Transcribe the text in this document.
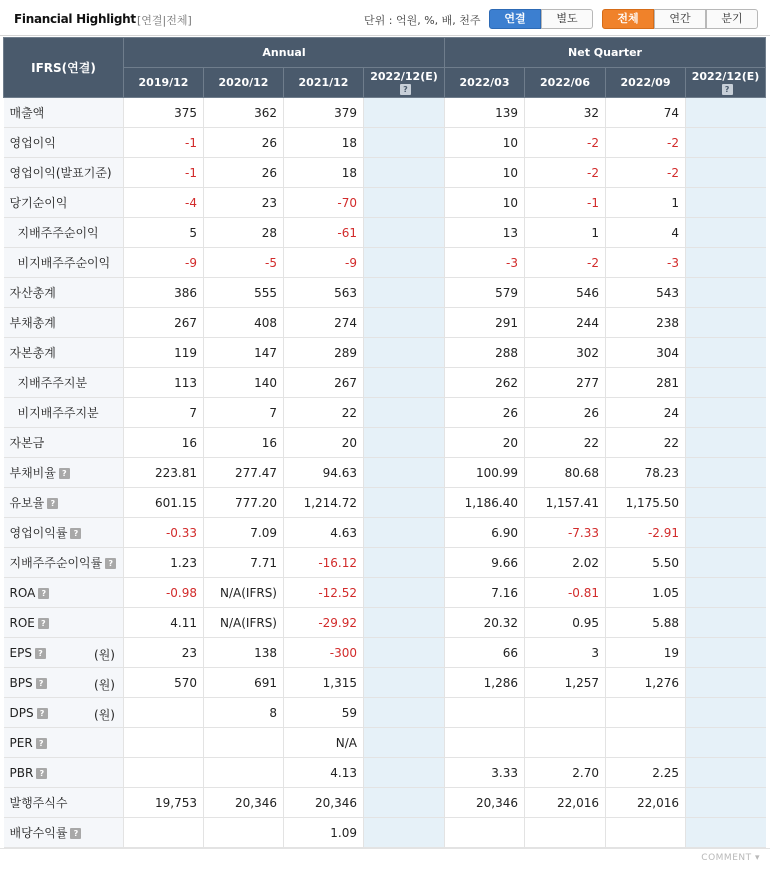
Financial Highlight [연결|전체]	단위 : 억원, %, 배, 천주	연결	별도	전체	연간	분기
IFRS(연결)	Annual				Net Quarter			
	2019/12	2020/12	2021/12	2022/12(E)?	2022/03	2022/06	2022/09	2022/12(E)?
매출액	375	362	379		139	32	74	
영업이익	-1	26	18		10	-2	-2	
영업이익(발표기준)	-1	26	18		10	-2	-2	
당기순이익	-4	23	-70		10	-1	1	
지배주주순이익	5	28	-61		13	1	4	
비지배주주순이익	-9	-5	-9		-3	-2	-3	
자산총계	386	555	563		579	546	543	
부채총계	267	408	274		291	244	238	
자본총계	119	147	289		288	302	304	
지배주주지분	113	140	267		262	277	281	
비지배주주지분	7	7	22		26	26	24	
자본금	16	16	20		20	22	22	
부채비율 ?	223.81	277.47	94.63		100.99	80.68	78.23	
유보율 ?	601.15	777.20	1,214.72		1,186.40	1,157.41	1,175.50	
영업이익률 ?	-0.33	7.09	4.63		6.90	-7.33	-2.91	
지배주주순이익률 ?	1.23	7.71	-16.12		9.66	2.02	5.50	
ROA ?	-0.98	N/A(IFRS)	-12.52		7.16	-0.81	1.05	
ROE ?	4.11	N/A(IFRS)	-29.92		20.32	0.95	5.88	
EPS ? (원)	23	138	-300		66	3	19	
BPS ? (원)	570	691	1,315		1,286	1,257	1,276	
DPS ? (원)		8	59					
PER ?			N/A					
PBR ?			4.13		3.33	2.70	2.25	
발행주식수	19,753	20,346	20,346		20,346	22,016	22,016	
배당수익률 ?			1.09					
COMMENT ▾
